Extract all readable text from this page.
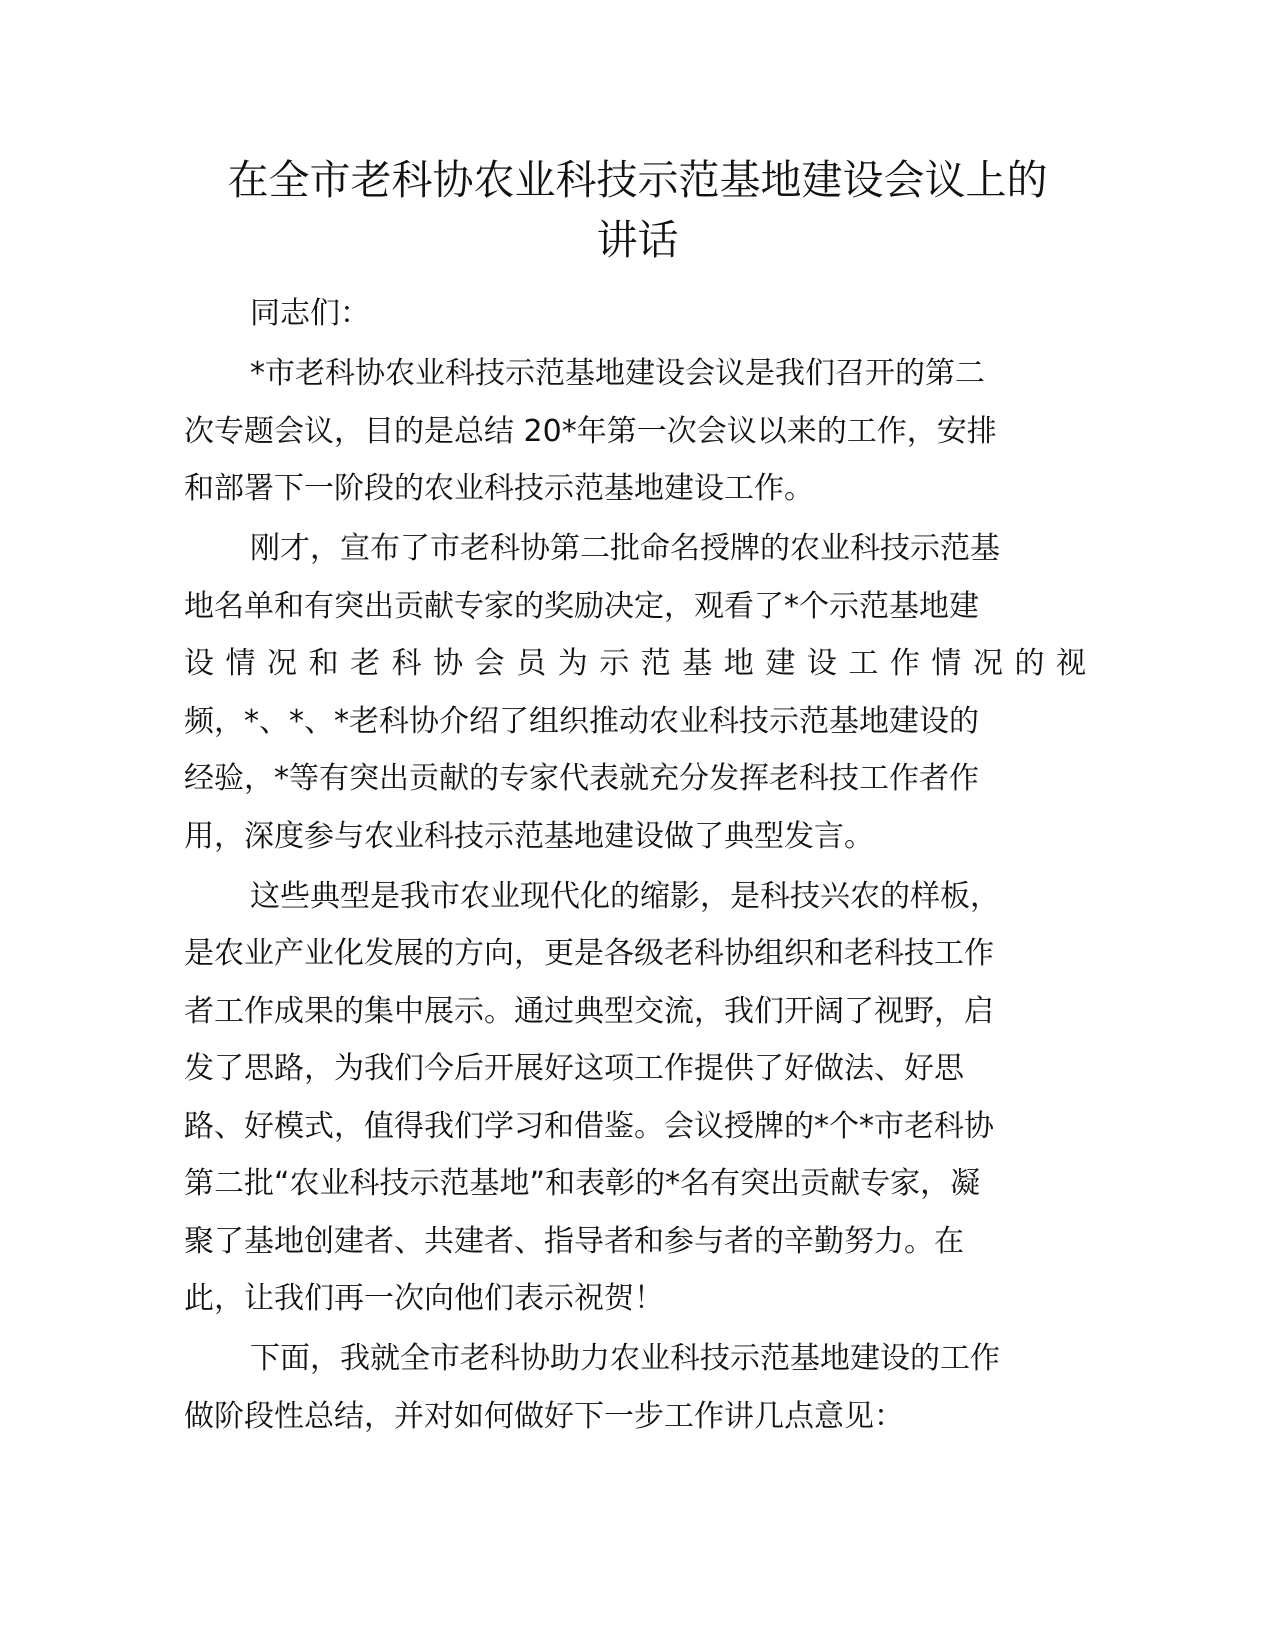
在全市老科协农业科技示范基地建设会议上的
讲话
同志们：
*市老科协农业科技示范基地建设会议是我们召开的第二
次专题会议，目的是总结 20*年第一次会议以来的工作，安排
和部署下一阶段的农业科技示范基地建设工作。
刚才，宣布了市老科协第二批命名授牌的农业科技示范基
地名单和有突出贡献专家的奖励决定，观看了*个示范基地建
设情况和老科协会员为示范基地建设工作情况的视
频，*、*、*老科协介绍了组织推动农业科技示范基地建设的
经验，*等有突出贡献的专家代表就充分发挥老科技工作者作
用，深度参与农业科技示范基地建设做了典型发言。
这些典型是我市农业现代化的缩影，是科技兴农的样板，
是农业产业化发展的方向，更是各级老科协组织和老科技工作
者工作成果的集中展示。通过典型交流，我们开阔了视野，启
发了思路，为我们今后开展好这项工作提供了好做法、好思
路、好模式，值得我们学习和借鉴。会议授牌的*个*市老科协
第二批“农业科技示范基地”和表彰的*名有突出贡献专家，凝
聚了基地创建者、共建者、指导者和参与者的辛勤努力。在
此，让我们再一次向他们表示祝贺！
下面，我就全市老科协助力农业科技示范基地建设的工作
做阶段性总结，并对如何做好下一步工作讲几点意见：
